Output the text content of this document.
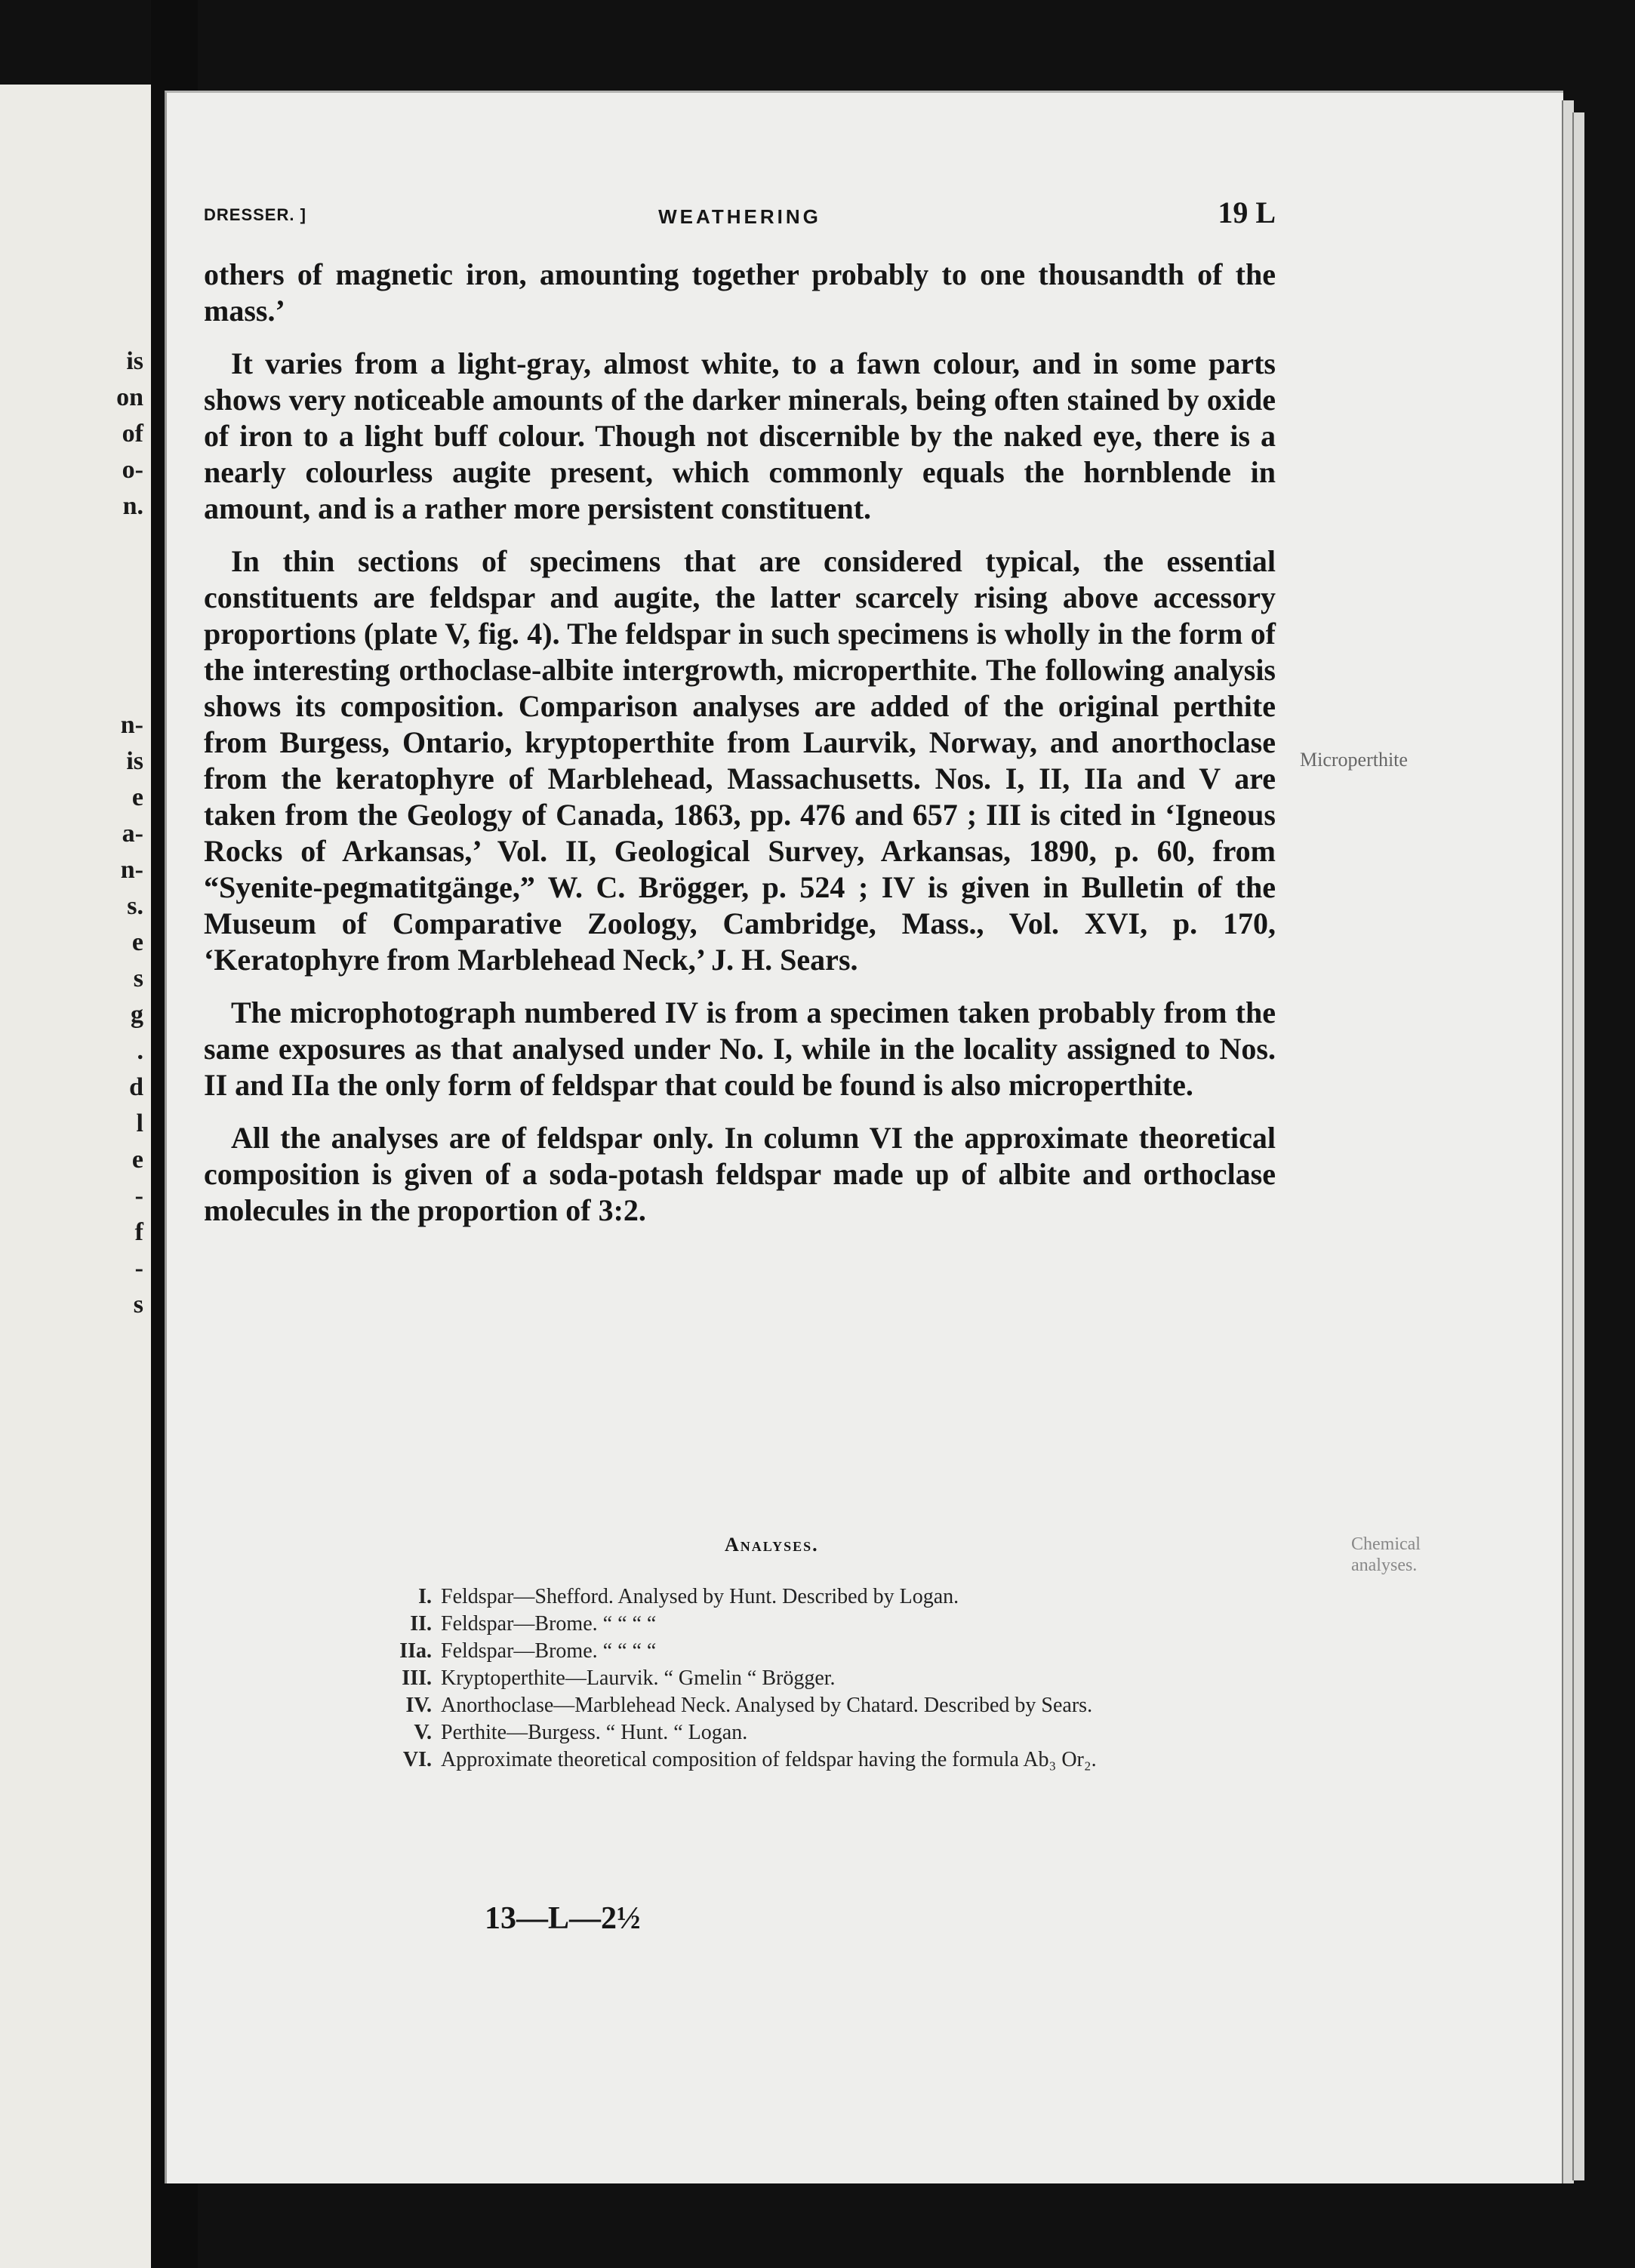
is
on
of
o-
n.
n-
is
e
a-
n-
s.
e
s
g
.
d
l
e
-
f
-
s
DRESSER. ]	WEATHERING	19 L

others of magnetic iron, amounting together probably to one thousandth of the mass.’

It varies from a light-gray, almost white, to a fawn colour, and in some parts shows very noticeable amounts of the darker minerals, being often stained by oxide of iron to a light buff colour. Though not discernible by the naked eye, there is a nearly colourless augite present, which commonly equals the hornblende in amount, and is a rather more persistent constituent.

In thin sections of specimens that are considered typical, the essential constituents are feldspar and augite, the latter scarcely rising above accessory proportions (plate V, fig. 4). The feldspar in such specimens is wholly in the form of the interesting orthoclase-albite intergrowth, microperthite. The following analysis shows its composition. Comparison analyses are added of the original perthite from Burgess, Ontario, kryptoperthite from Laurvik, Norway, and anorthoclase from the keratophyre of Marblehead, Massachusetts. Nos. I, II, IIa and V are taken from the Geology of Canada, 1863, pp. 476 and 657 ; III is cited in ‘Igneous Rocks of Arkansas,’ Vol. II, Geological Survey, Arkansas, 1890, p. 60, from “Syenite-pegmatitgänge,” W. C. Brögger, p. 524 ; IV is given in Bulletin of the Museum of Comparative Zoology, Cambridge, Mass., Vol. XVI, p. 170, ‘Keratophyre from Marblehead Neck,’ J. H. Sears.

The microphotograph numbered IV is from a specimen taken probably from the same exposures as that analysed under No. I, while in the locality assigned to Nos. II and IIa the only form of feldspar that could be found is also microperthite.

All the analyses are of feldspar only. In column VI the approximate theoretical composition is given of a soda-potash feldspar made up of albite and orthoclase molecules in the proportion of 3:2.

Microperthite
Chemical analyses.
Analyses.
I. Feldspar—Shefford. Analysed by Hunt. Described by Logan.
II. Feldspar—Brome. “ “ “ “
IIa. Feldspar—Brome. “ “ “ “
III. Kryptoperthite—Laurvik. “ Gmelin “ Brögger.
IV. Anorthoclase—Marblehead Neck. Analysed by Chatard. Described by Sears.
V. Perthite—Burgess. “ Hunt. “ Logan.
VI. Approximate theoretical composition of feldspar having the formula Ab₃ Or₂.
13—L—2½
